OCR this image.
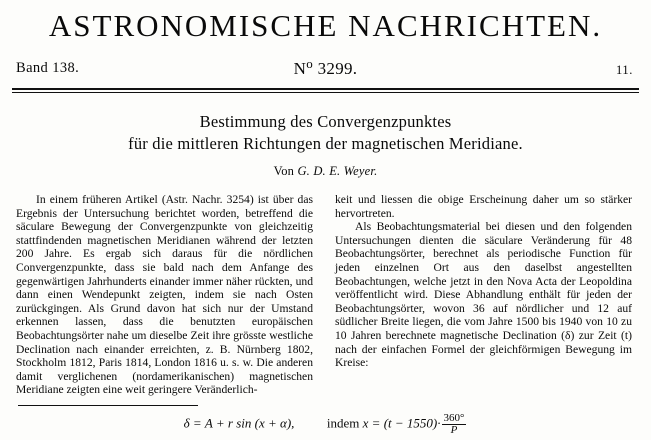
ASTRONOMISCHE NACHRICHTEN.
Band 138.	$N^o$ 3299.	11.
Bestimmung des Convergenzpunktes
für die mittleren Richtungen der magnetischen Meridiane.
Von G. D. E. Weyer.

In einem früheren Artikel (Astr. Nachr. 3254) ist über das Ergebnis der Untersuchung berichtet worden, betreffend die säculare Bewegung der Convergenzpunkte von gleichzeitig stattfindenden magnetischen Meridianen während der letzten 200 Jahre. Es ergab sich daraus für die nördlichen Convergenzpunkte, dass sie bald nach dem Anfange des gegenwärtigen Jahrhunderts einander immer näher rückten, und dann einen Wendepunkt zeigten, indem sie nach Osten zurückgingen. Als Grund davon hat sich nur der Umstand erkennen lassen, dass die benutzten europäischen Beobachtungsörter nahe um dieselbe Zeit ihre grösste westliche Declination nach einander erreichten, z. B. Nürnberg 1802, Stockholm 1812, Paris 1814, London 1816 u. s. w. Die anderen damit verglichenen (nordamerikanischen) magnetischen Meridiane zeigten eine weit geringere Veränderlich-

keit und liessen die obige Erscheinung daher um so stärker hervortreten.

Als Beobachtungsmaterial bei diesen und den folgenden Untersuchungen dienten die säculare Veränderung für 48 Beobachtungsörter, berechnet als periodische Function für jeden einzelnen Ort aus den daselbst angestellten Beobachtungen, welche jetzt in den Nova Acta der Leopoldina veröffentlicht wird. Diese Abhandlung enthält für jeden der Beobachtungsörter, wovon 36 auf nördlicher und 12 auf südlicher Breite liegen, die vom Jahre 1500 bis 1940 von 10 zu 10 Jahren berechnete magnetische Declination (δ) zur Zeit (t) nach der einfachen Formel der gleichförmigen Bewegung im Kreise:

δ = A + r sin (x + α),	indem $x = (t - 1550)\cdot \frac{360^\circ}{P}$
